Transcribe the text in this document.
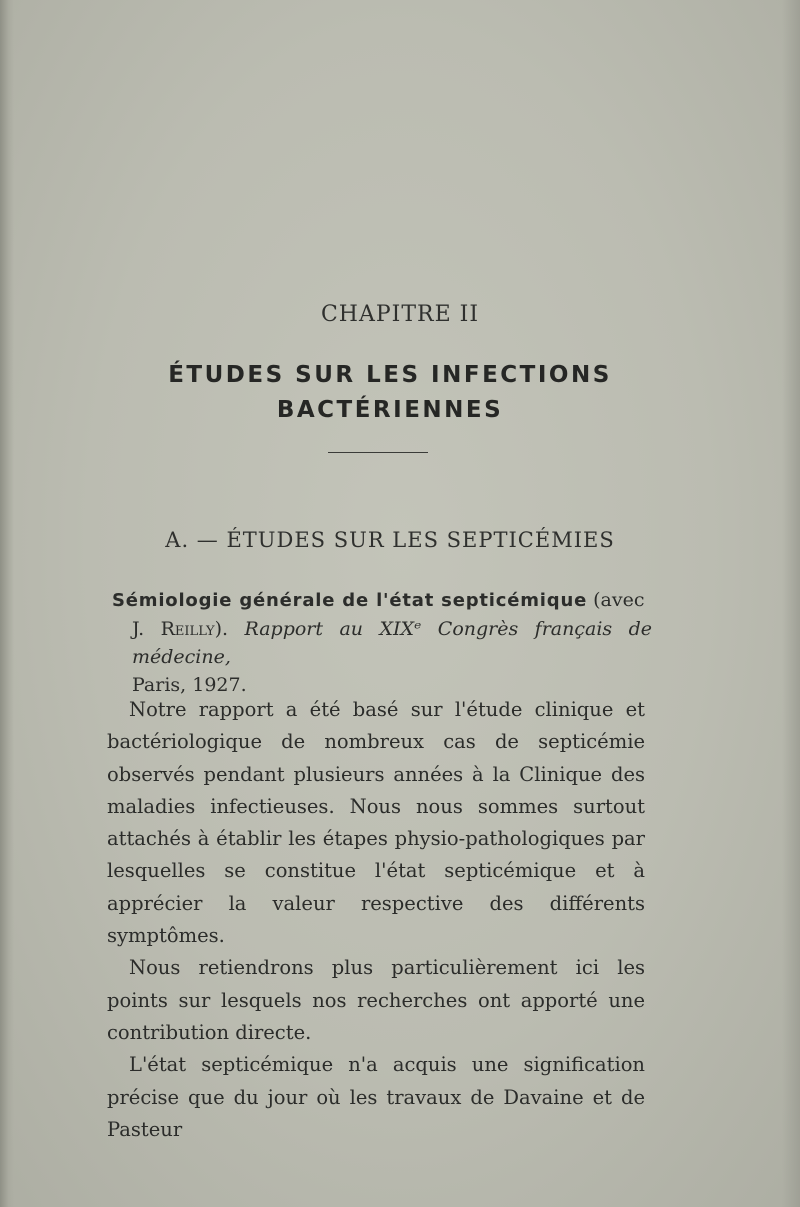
CHAPITRE II
ÉTUDES SUR LES INFECTIONS
BACTÉRIENNES
A. — ÉTUDES SUR LES SEPTICÉMIES
Sémiologie générale de l'état septicémique (avec
J. Reilly). Rapport au XIXᵉ Congrès français de médecine,
Paris, 1927.

Notre rapport a été basé sur l'étude clinique et bactériologique de nombreux cas de septicémie observés pendant plusieurs années à la Clinique des maladies infectieuses. Nous nous sommes surtout attachés à établir les étapes physio-pathologiques par lesquelles se constitue l'état septicémique et à apprécier la valeur respective des différents symptômes.

Nous retiendrons plus particulièrement ici les points sur lesquels nos recherches ont apporté une contribution directe.

L'état septicémique n'a acquis une signification précise que du jour où les travaux de Davaine et de Pasteur
